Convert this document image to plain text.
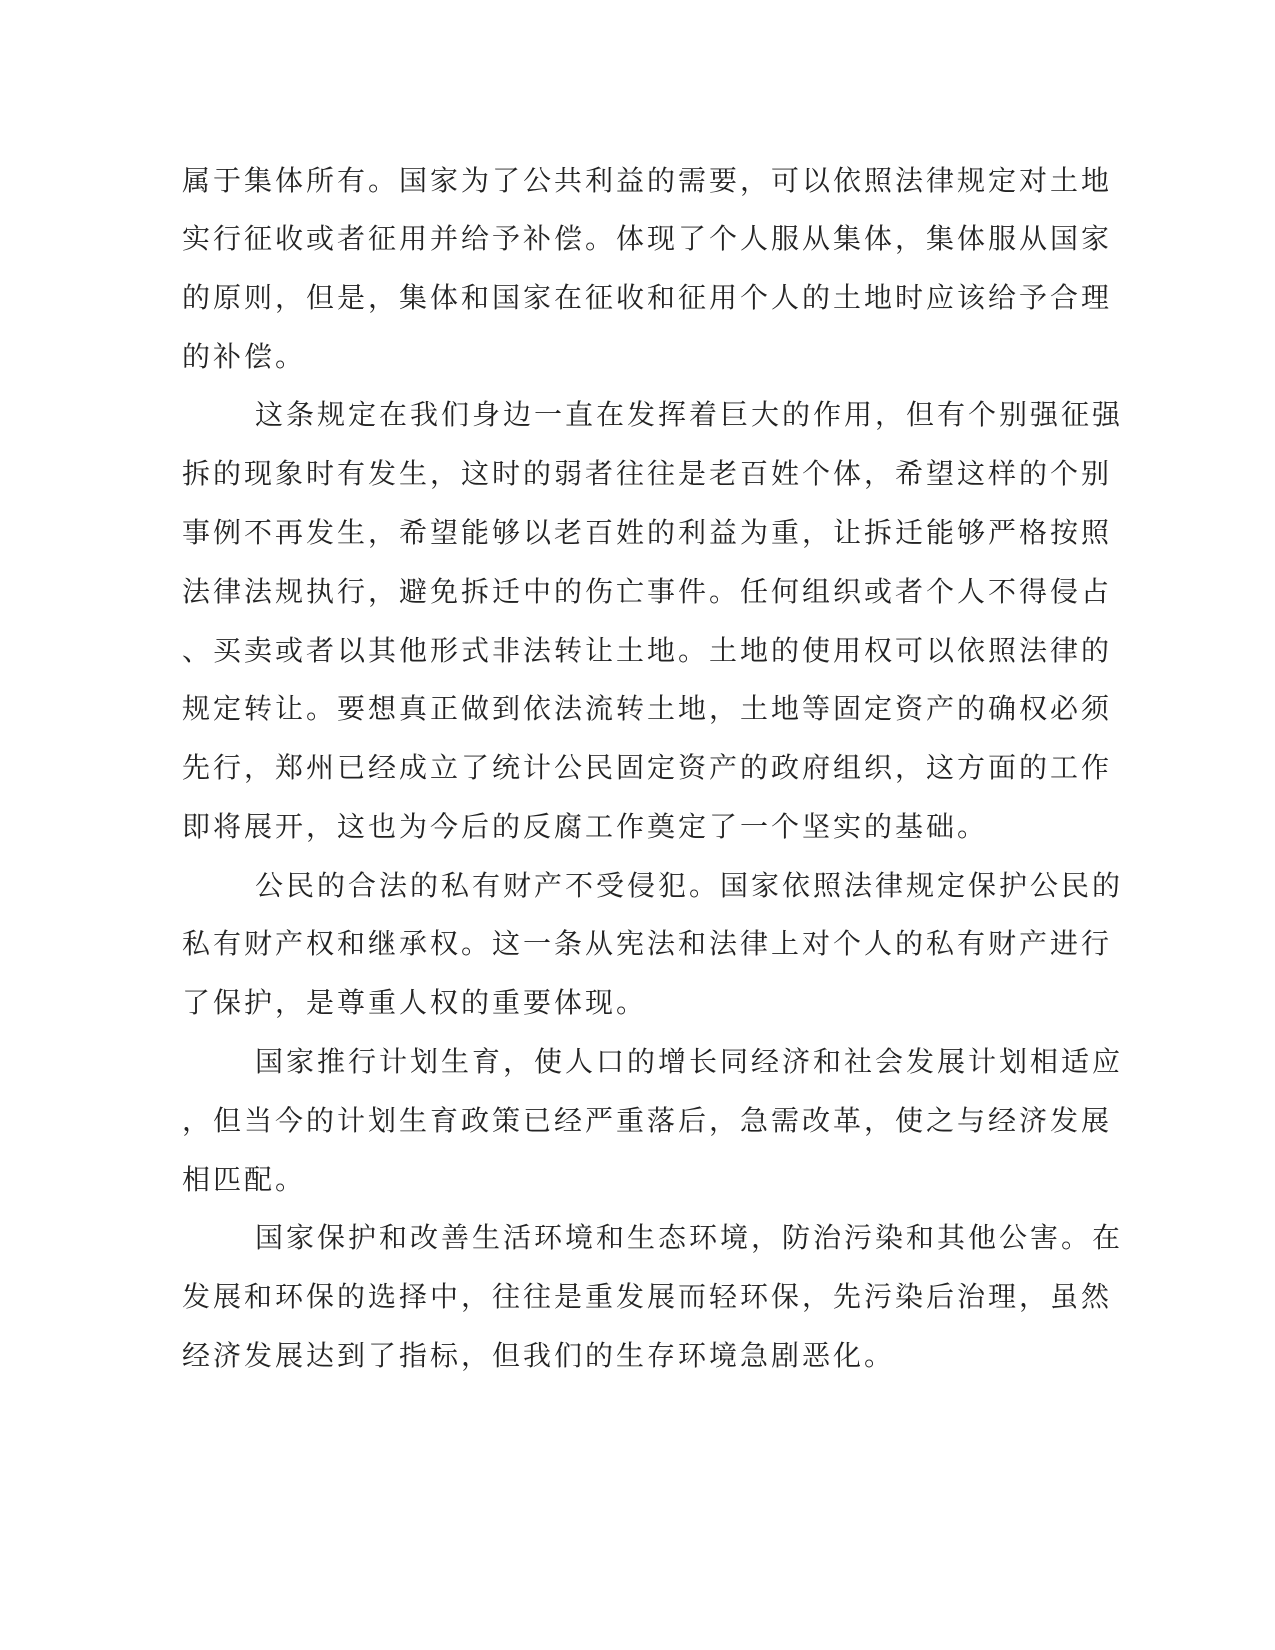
属于集体所有。国家为了公共利益的需要，可以依照法律规定对土地
实行征收或者征用并给予补偿。体现了个人服从集体，集体服从国家
的原则，但是，集体和国家在征收和征用个人的土地时应该给予合理
的补偿。
这条规定在我们身边一直在发挥着巨大的作用，但有个别强征强
拆的现象时有发生，这时的弱者往往是老百姓个体，希望这样的个别
事例不再发生，希望能够以老百姓的利益为重，让拆迁能够严格按照
法律法规执行，避免拆迁中的伤亡事件。任何组织或者个人不得侵占
、买卖或者以其他形式非法转让土地。土地的使用权可以依照法律的
规定转让。要想真正做到依法流转土地，土地等固定资产的确权必须
先行，郑州已经成立了统计公民固定资产的政府组织，这方面的工作
即将展开，这也为今后的反腐工作奠定了一个坚实的基础。
公民的合法的私有财产不受侵犯。国家依照法律规定保护公民的
私有财产权和继承权。这一条从宪法和法律上对个人的私有财产进行
了保护，是尊重人权的重要体现。
国家推行计划生育，使人口的增长同经济和社会发展计划相适应
，但当今的计划生育政策已经严重落后，急需改革，使之与经济发展
相匹配。
国家保护和改善生活环境和生态环境，防治污染和其他公害。在
发展和环保的选择中，往往是重发展而轻环保，先污染后治理，虽然
经济发展达到了指标，但我们的生存环境急剧恶化。
